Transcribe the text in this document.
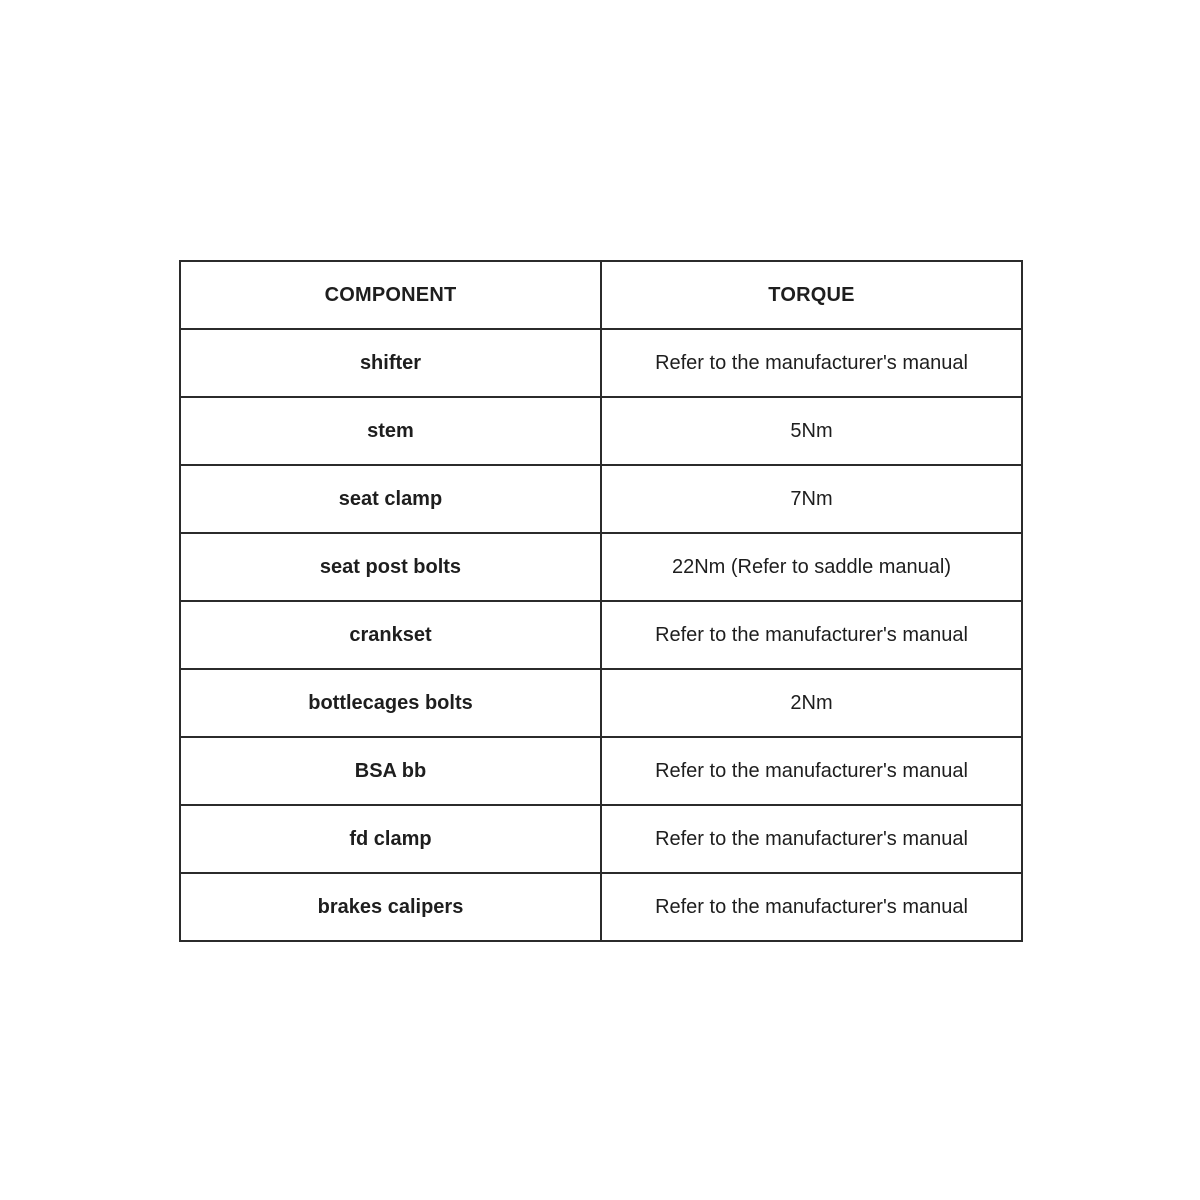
COMPONENT	TORQUE
shifter	Refer to the manufacturer's manual
stem	5Nm
seat clamp	7Nm
seat post bolts	22Nm (Refer to saddle manual)
crankset	Refer to the manufacturer's manual
bottlecages bolts	2Nm
BSA bb	Refer to the manufacturer's manual
fd clamp	Refer to the manufacturer's manual
brakes calipers	Refer to the manufacturer's manual
